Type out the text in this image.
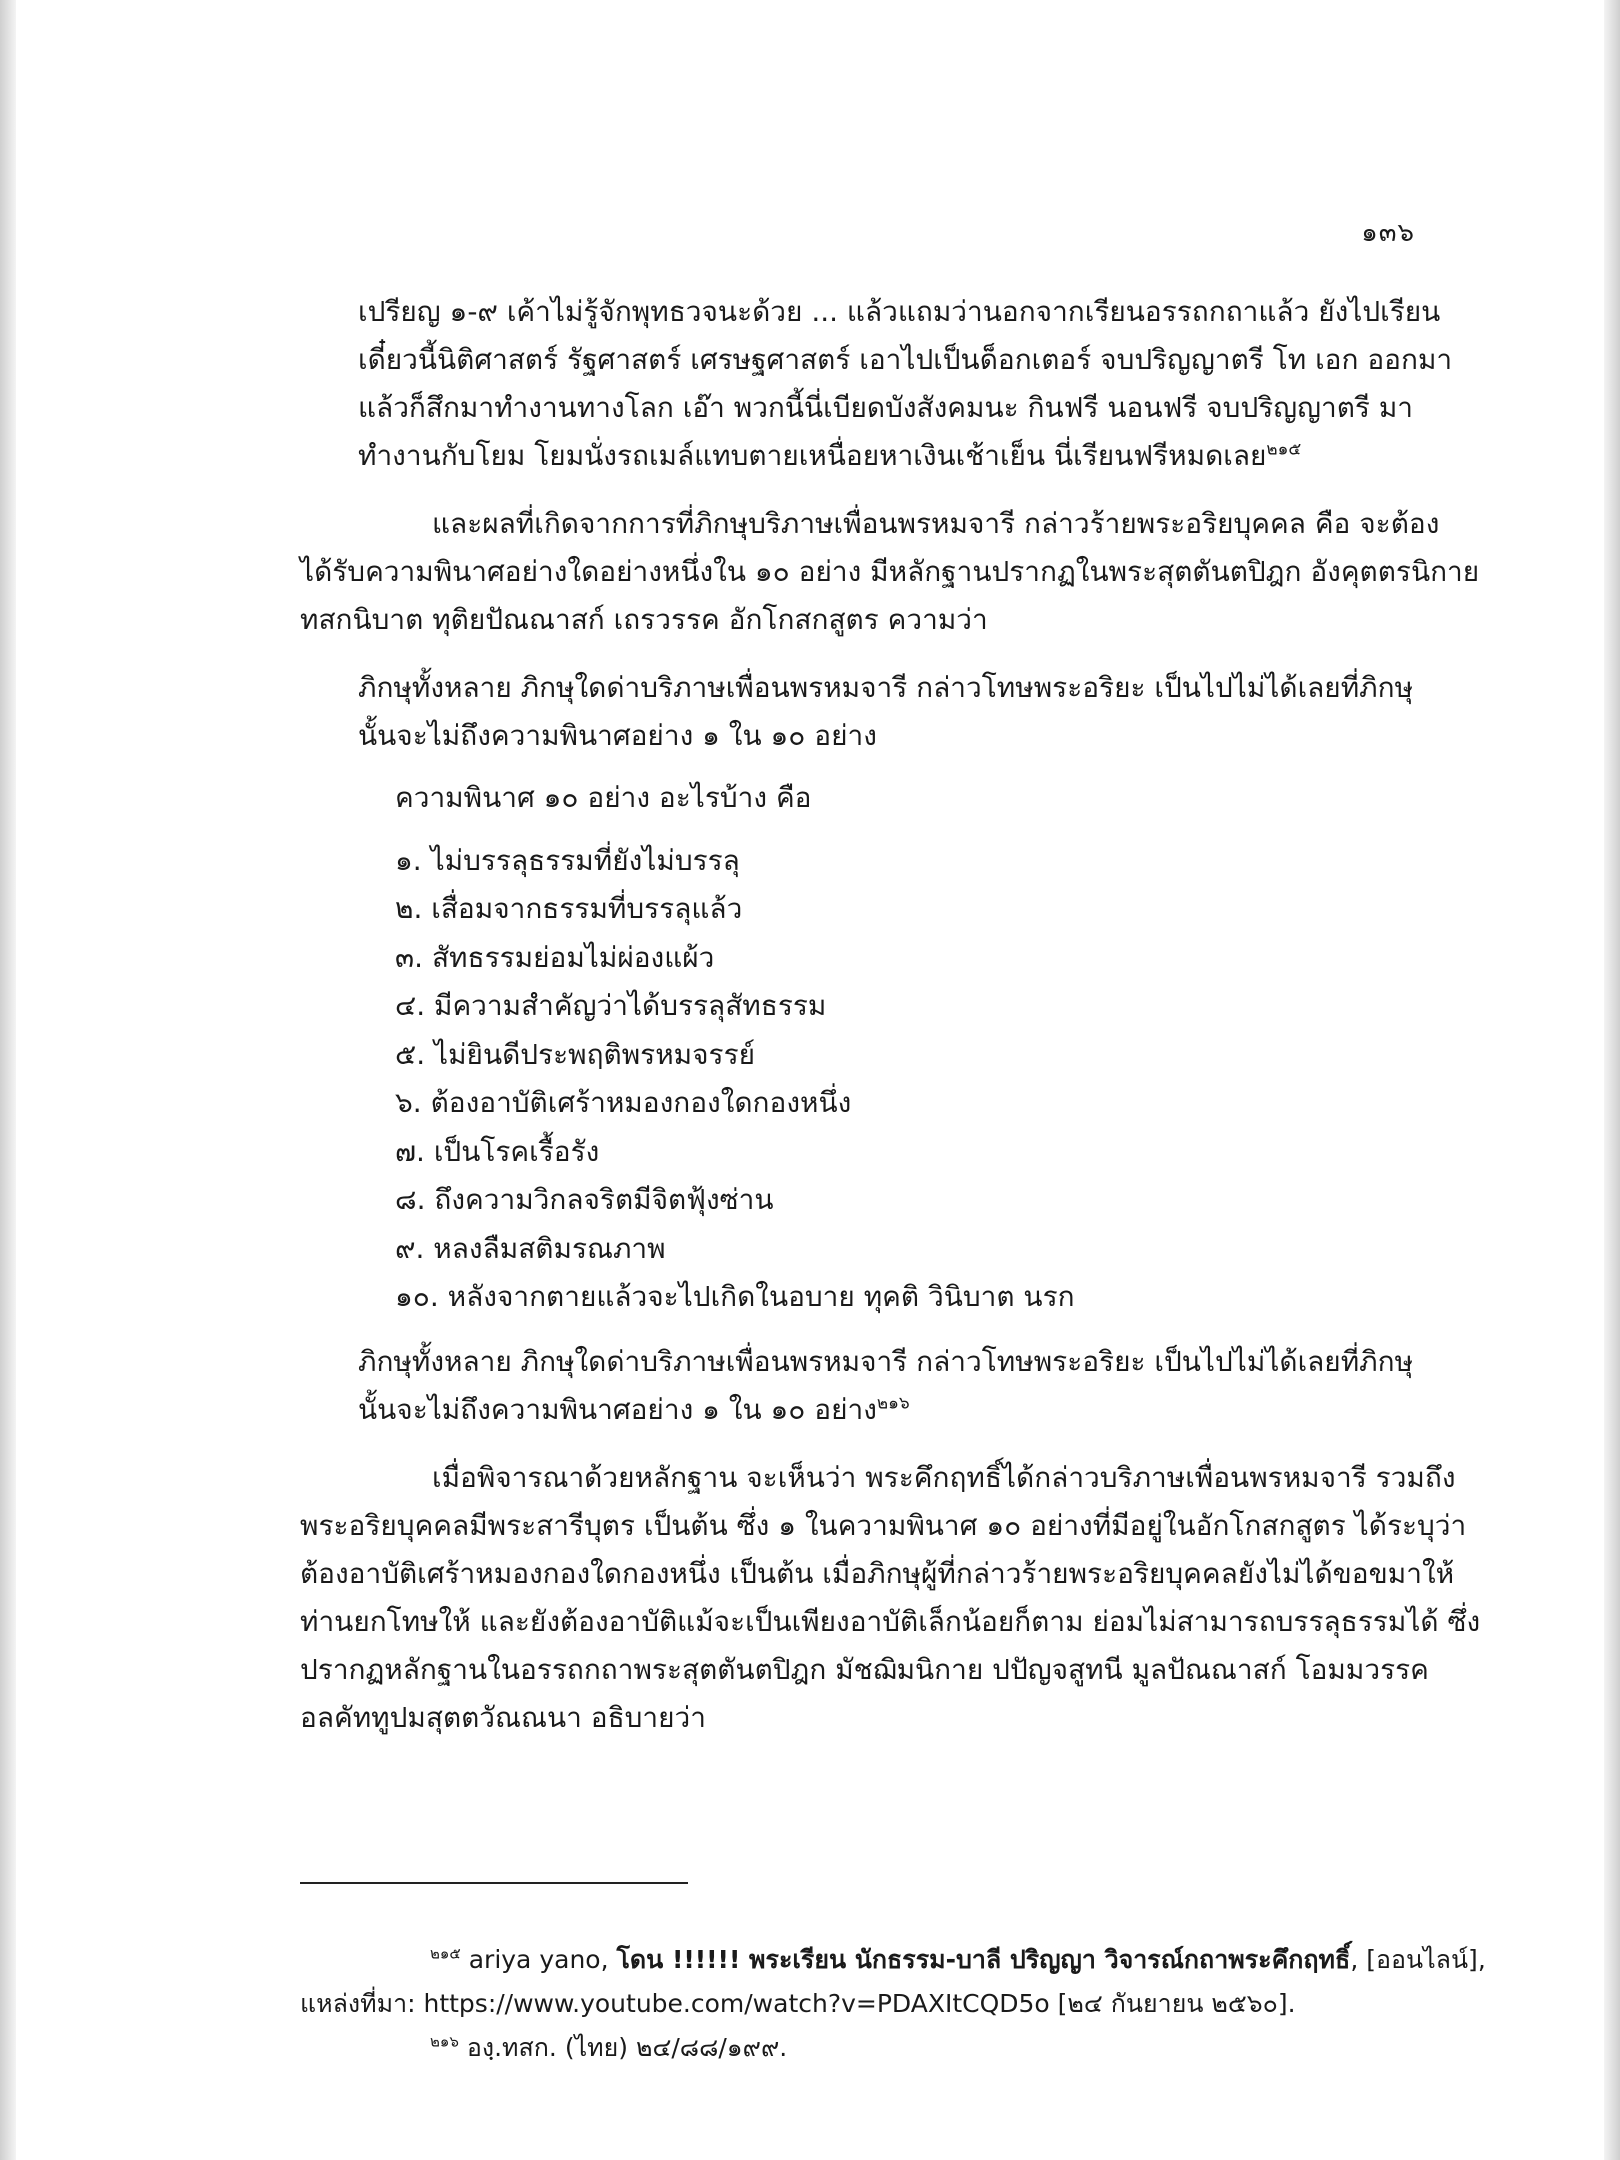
๑๓๖
เปรียญ ๑-๙ เค้าไม่รู้จักพุทธวจนะด้วย ... แล้วแถมว่านอกจากเรียนอรรถกถาแล้ว ยังไปเรียน
เดี๋ยวนี้นิติศาสตร์ รัฐศาสตร์ เศรษฐศาสตร์ เอาไปเป็นด็อกเตอร์ จบปริญญาตรี โท เอก ออกมา
แล้วก็สึกมาทำงานทางโลก เอ๊า พวกนี้นี่เบียดบังสังคมนะ กินฟรี นอนฟรี จบปริญญาตรี มา
ทำงานกับโยม โยมนั่งรถเมล์แทบตายเหนื่อยหาเงินเช้าเย็น นี่เรียนฟรีหมดเลย$^{๒๑๕}$
และผลที่เกิดจากการที่ภิกษุบริภาษเพื่อนพรหมจารี กล่าวร้ายพระอริยบุคคล คือ จะต้อง
ได้รับความพินาศอย่างใดอย่างหนึ่งใน ๑๐ อย่าง มีหลักฐานปรากฏในพระสุตตันตปิฎก อังคุตตรนิกาย
ทสกนิบาต ทุติยปัณณาสก์ เถรวรรค อักโกสกสูตร ความว่า
ภิกษุทั้งหลาย ภิกษุใดด่าบริภาษเพื่อนพรหมจารี กล่าวโทษพระอริยะ เป็นไปไม่ได้เลยที่ภิกษุ
นั้นจะไม่ถึงความพินาศอย่าง ๑ ใน ๑๐ อย่าง
ความพินาศ ๑๐ อย่าง อะไรบ้าง คือ
๑. ไม่บรรลุธรรมที่ยังไม่บรรลุ
๒. เสื่อมจากธรรมที่บรรลุแล้ว
๓. สัทธรรมย่อมไม่ผ่องแผ้ว
๔. มีความสำคัญว่าได้บรรลุสัทธรรม
๕. ไม่ยินดีประพฤติพรหมจรรย์
๖. ต้องอาบัติเศร้าหมองกองใดกองหนึ่ง
๗. เป็นโรคเรื้อรัง
๘. ถึงความวิกลจริตมีจิตฟุ้งซ่าน
๙. หลงลืมสติมรณภาพ
๑๐. หลังจากตายแล้วจะไปเกิดในอบาย ทุคติ วินิบาต นรก
ภิกษุทั้งหลาย ภิกษุใดด่าบริภาษเพื่อนพรหมจารี กล่าวโทษพระอริยะ เป็นไปไม่ได้เลยที่ภิกษุ
นั้นจะไม่ถึงความพินาศอย่าง ๑ ใน ๑๐ อย่าง$^{๒๑๖}$
เมื่อพิจารณาด้วยหลักฐาน จะเห็นว่า พระคึกฤทธิ์ได้กล่าวบริภาษเพื่อนพรหมจารี รวมถึง
พระอริยบุคคลมีพระสารีบุตร เป็นต้น ซึ่ง ๑ ในความพินาศ ๑๐ อย่างที่มีอยู่ในอักโกสกสูตร ได้ระบุว่า
ต้องอาบัติเศร้าหมองกองใดกองหนึ่ง เป็นต้น เมื่อภิกษุผู้ที่กล่าวร้ายพระอริยบุคคลยังไม่ได้ขอขมาให้
ท่านยกโทษให้ และยังต้องอาบัติแม้จะเป็นเพียงอาบัติเล็กน้อยก็ตาม ย่อมไม่สามารถบรรลุธรรมได้ ซึ่ง
ปรากฏหลักฐานในอรรถกถาพระสุตตันตปิฎก มัชฌิมนิกาย ปปัญจสูทนี มูลปัณณาสก์ โอมมวรรค
อลคัททูปมสุตตวัณณนา อธิบายว่า
$^{๒๑๕}$ ariya yano, โดน !!!!!! พระเรียน นักธรรม-บาลี ปริญญา วิจารณ์กถาพระคึกฤทธิ์, [ออนไลน์],
แหล่งที่มา: https://www.youtube.com/watch?v=PDAXItCQD5o [๒๔ กันยายน ๒๕๖๐].
$^{๒๑๖}$ องฺ.ทสก. (ไทย) ๒๔/๘๘/๑๙๙.
